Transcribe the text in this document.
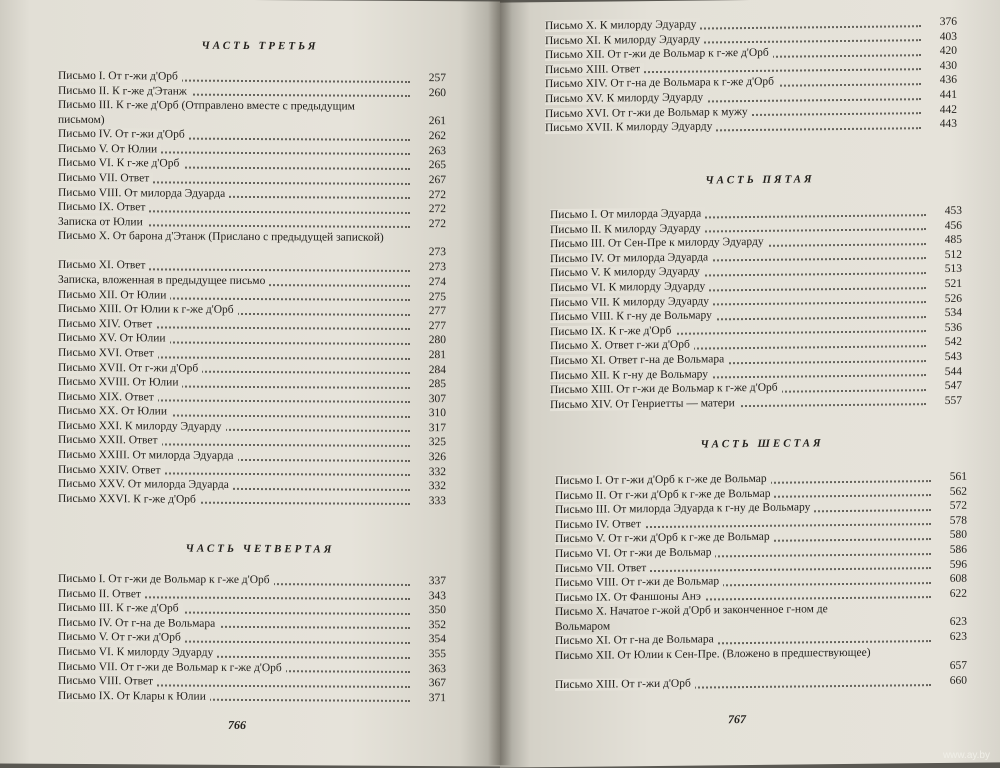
ЧАСТЬ ТРЕТЬЯ
Письмо I. От г-жи д'Орб	257
Письмо II. К г-же д'Этанж	260
Письмо III. К г-же д'Орб (Отправлено вместе с предыдущим письмом)	261
Письмо IV. От г-жи д'Орб	262
Письмо V. От Юлии	263
Письмо VI. К г-же д'Орб	265
Письмо VII. Ответ	267
Письмо VIII. От милорда Эдуарда	272
Письмо IX. Ответ	272
Записка от Юлии	272
Письмо X. От барона д'Этанж (Прислано с предыдущей запиской)
273
Письмо XI. Ответ	273
Записка, вложенная в предыдущее письмо	274
Письмо XII. От Юлии	275
Письмо XIII. От Юлии к г-же д'Орб	277
Письмо XIV. Ответ	277
Письмо XV. От Юлии	280
Письмо XVI. Ответ	281
Письмо XVII. От г-жи д'Орб	284
Письмо XVIII. От Юлии	285
Письмо XIX. Ответ	307
Письмо XX. От Юлии	310
Письмо XXI. К милорду Эдуарду	317
Письмо XXII. Ответ	325
Письмо XXIII. От милорда Эдуарда	326
Письмо XXIV. Ответ	332
Письмо XXV. От милорда Эдуарда	332
Письмо XXVI. К г-же д'Орб	333
ЧАСТЬ ЧЕТВЕРТАЯ
Письмо I. От г-жи де Вольмар к г-же д'Орб	337
Письмо II. Ответ	343
Письмо III. К г-же д'Орб	350
Письмо IV. От г-на де Вольмара	352
Письмо V. От г-жи д'Орб	354
Письмо VI. К милорду Эдуарду	355
Письмо VII. От г-жи де Вольмар к г-же д'Орб	363
Письмо VIII. Ответ	367
Письмо IX. От Клары к Юлии	371
766
Письмо X. К милорду Эдуарду	376
Письмо XI. К милорду Эдуарду	403
Письмо XII. От г-жи де Вольмар к г-же д'Орб	420
Письмо XIII. Ответ	430
Письмо XIV. От г-на де Вольмара к г-же д'Орб	436
Письмо XV. К милорду Эдуарду	441
Письмо XVI. От г-жи де Вольмар к мужу	442
Письмо XVII. К милорду Эдуарду	443
ЧАСТЬ ПЯТАЯ
Письмо I. От милорда Эдуарда	453
Письмо II. К милорду Эдуарду	456
Письмо III. От Сен-Пре к милорду Эдуарду	485
Письмо IV. От милорда Эдуарда	512
Письмо V. К милорду Эдуарду	513
Письмо VI. К милорду Эдуарду	521
Письмо VII. К милорду Эдуарду	526
Письмо VIII. К г-ну де Вольмару	534
Письмо IX. К г-же д'Орб	536
Письмо X. Ответ г-жи д'Орб	542
Письмо XI. Ответ г-на де Вольмара	543
Письмо XII. К г-ну де Вольмару	544
Письмо XIII. От г-жи де Вольмар к г-же д'Орб	547
Письмо XIV. От Генриетты — матери	557
ЧАСТЬ ШЕСТАЯ
Письмо I. От г-жи д'Орб к г-же де Вольмар	561
Письмо II. От г-жи д'Орб к г-же де Вольмар	562
Письмо III. От милорда Эдуарда к г-ну де Вольмару	572
Письмо IV. Ответ	578
Письмо V. От г-жи д'Орб к г-же де Вольмар	580
Письмо VI. От г-жи де Вольмар	586
Письмо VII. Ответ	596
Письмо VIII. От г-жи де Вольмар	608
Письмо IX. От Фаншоны Анэ	622
Письмо X. Начатое г-жой д'Орб и законченное г-ном де Вольмаром	623
Письмо XI. От г-на де Вольмара	623
Письмо XII. От Юлии к Сен-Пре. (Вложено в предшествующее)
657
Письмо XIII. От г-жи д'Орб	660
767
www.ay.by
